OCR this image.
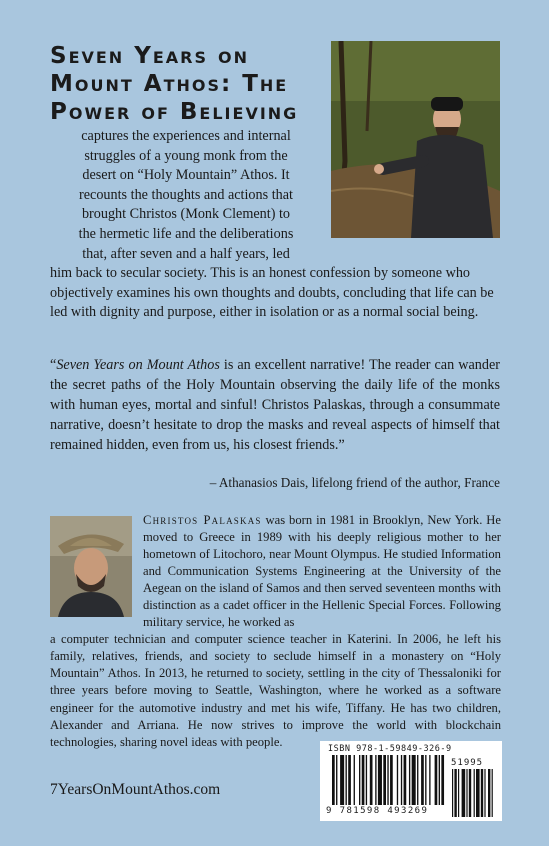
Seven Years on
Mount Athos: The
Power of Believing

captures the experiences and internal
struggles of a young monk from the
desert on “Holy Mountain” Athos. It
recounts the thoughts and actions that
brought Christos (Monk Clement) to
the hermetic life and the deliberations
that, after seven and a half years, led
him back to secular society. This is an honest confession by someone who objectively examines his own thoughts and doubts, concluding that life can be led with dignity and purpose, either in isolation or as a normal social being.

“Seven Years on Mount Athos is an excellent narrative! The reader can wander the secret paths of the Holy Mountain observing the daily life of the monks with human eyes, mortal and sinful! Christos Palaskas, through a consummate narrative, doesn’t hesitate to drop the masks and reveal aspects of himself that remained hidden, even from us, his closest friends.”

– Athanasios Dais, lifelong friend of the author, France

Christos Palaskas was born in 1981 in Brooklyn, New York. He moved to Greece in 1989 with his deeply religious mother to her hometown of Litochoro, near Mount Olympus. He studied Information and Communication Systems Engineering at the University of the Aegean on the island of Samos and then served seventeen months with distinction as a cadet officer in the Hellenic Special Forces. Following military service, he worked as
a computer technician and computer science teacher in Katerini. In 2006, he left his family, relatives, friends, and society to seclude himself in a monastery on “Holy Mountain” Athos. In 2013, he returned to society, settling in the city of Thessaloniki for three years before moving to Seattle, Washington, where he worked as a software engineer for the automotive industry and met his wife, Tiffany. He has two children, Alexander and Arriana. He now strives to improve the world with blockchain technologies, sharing novel ideas with people.

7YearsOnMountAthos.com

ISBN 978-1-59849-326-9
51995
9 781598 493269
